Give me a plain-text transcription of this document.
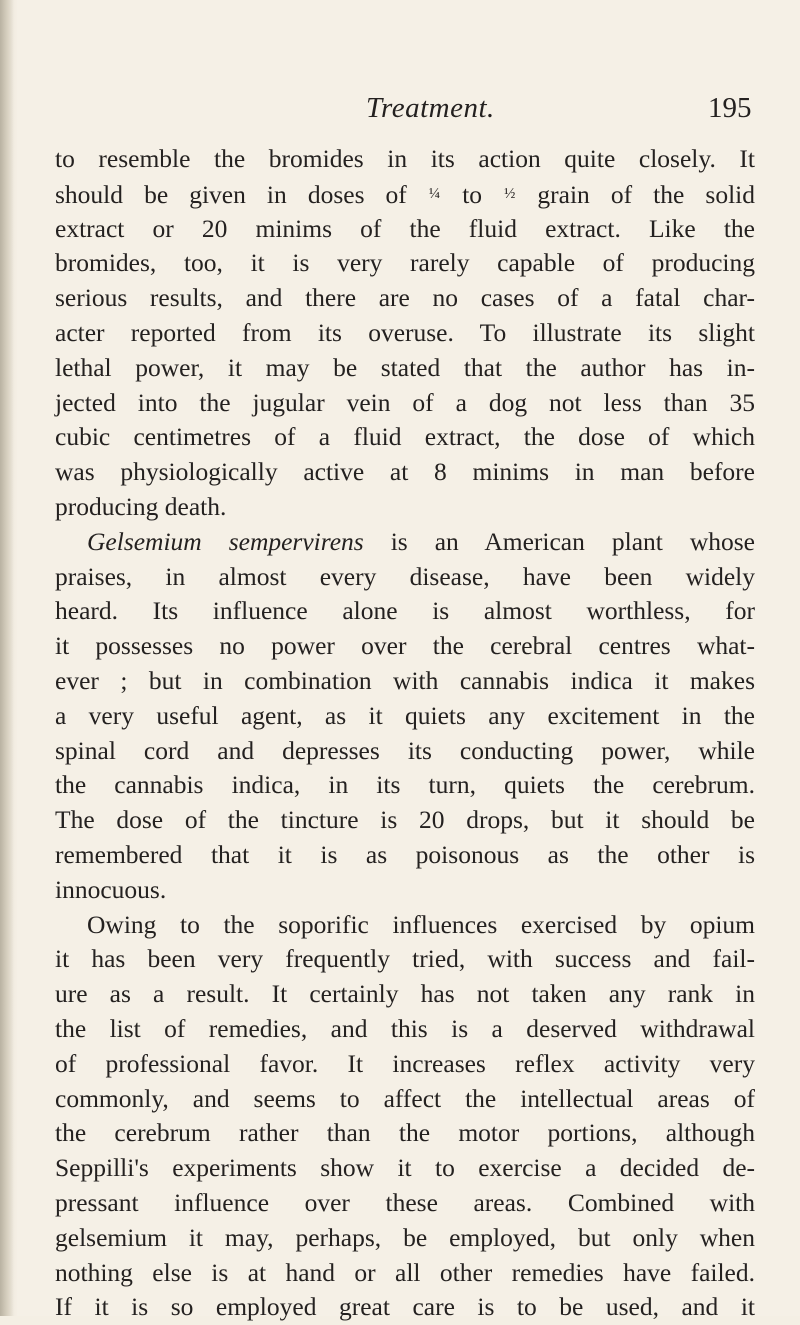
Treatment.	195
to resemble the bromides in its action quite closely. It
should be given in doses of ¼ to ½ grain of the solid
extract or 20 minims of the fluid extract. Like the
bromides, too, it is very rarely capable of producing
serious results, and there are no cases of a fatal char-
acter reported from its overuse. To illustrate its slight
lethal power, it may be stated that the author has in-
jected into the jugular vein of a dog not less than 35
cubic centimetres of a fluid extract, the dose of which
was physiologically active at 8 minims in man before
producing death.
Gelsemium sempervirens is an American plant whose
praises, in almost every disease, have been widely
heard. Its influence alone is almost worthless, for
it possesses no power over the cerebral centres what-
ever ; but in combination with cannabis indica it makes
a very useful agent, as it quiets any excitement in the
spinal cord and depresses its conducting power, while
the cannabis indica, in its turn, quiets the cerebrum.
The dose of the tincture is 20 drops, but it should be
remembered that it is as poisonous as the other is
innocuous.
Owing to the soporific influences exercised by opium
it has been very frequently tried, with success and fail-
ure as a result. It certainly has not taken any rank in
the list of remedies, and this is a deserved withdrawal
of professional favor. It increases reflex activity very
commonly, and seems to affect the intellectual areas of
the cerebrum rather than the motor portions, although
Seppilli's experiments show it to exercise a decided de-
pressant influence over these areas. Combined with
gelsemium it may, perhaps, be employed, but only when
nothing else is at hand or all other remedies have failed.
If it is so employed great care is to be used, and it
